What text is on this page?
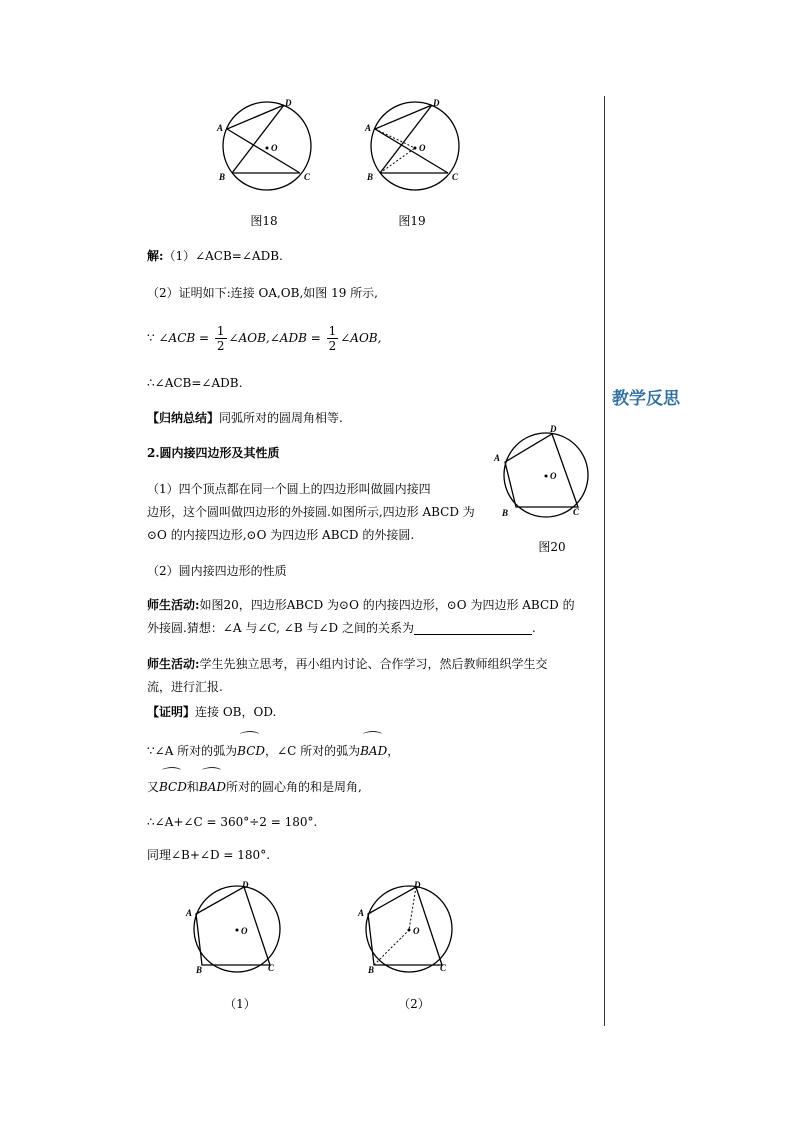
A
D
O
B	C
图18
A
D
O
B	C
图19
解:（1）∠ACB=∠ADB.
（2）证明如下:连接 OA,OB,如图 19 所示,
∵ ∠ACB = $\frac{1}{2}$ ∠AOB,∠ADB = $\frac{1}{2}$ ∠AOB,
∴∠ACB=∠ADB.
【归纳总结】同弧所对的圆周角相等.
2.圆内接四边形及其性质	A
D
O
B	C
图20
（1）四个顶点都在同一个圆上的四边形叫做圆内接四
边形，这个圆叫做四边形的外接圆.如图所示,四边形 ABCD 为
⊙O 的内接四边形,⊙O 为四边形 ABCD 的外接圆.
（2）圆内接四边形的性质
师生活动:如图20，四边形ABCD 为⊙O 的内接四边形，⊙O 为四边形 ABCD 的
外接圆.猜想：∠A 与∠C, ∠B 与∠D 之间的关系为	.
师生活动:学生先独立思考，再小组内讨论、合作学习，然后教师组织学生交
流，进行汇报.
【证明】连接 OB，OD.
∵∠A 所对的弧为⌒ BCD，∠C 所对的弧为⌒ BAD，
又⌒ BCD和⌒ BAD所对的圆心角的和是周角,
∴∠A+∠C = 360°÷2 = 180°.
同理∠B+∠D = 180°.
A
D
O
B	C
（1）
A
D
O
B	C
（2）
教学反思
